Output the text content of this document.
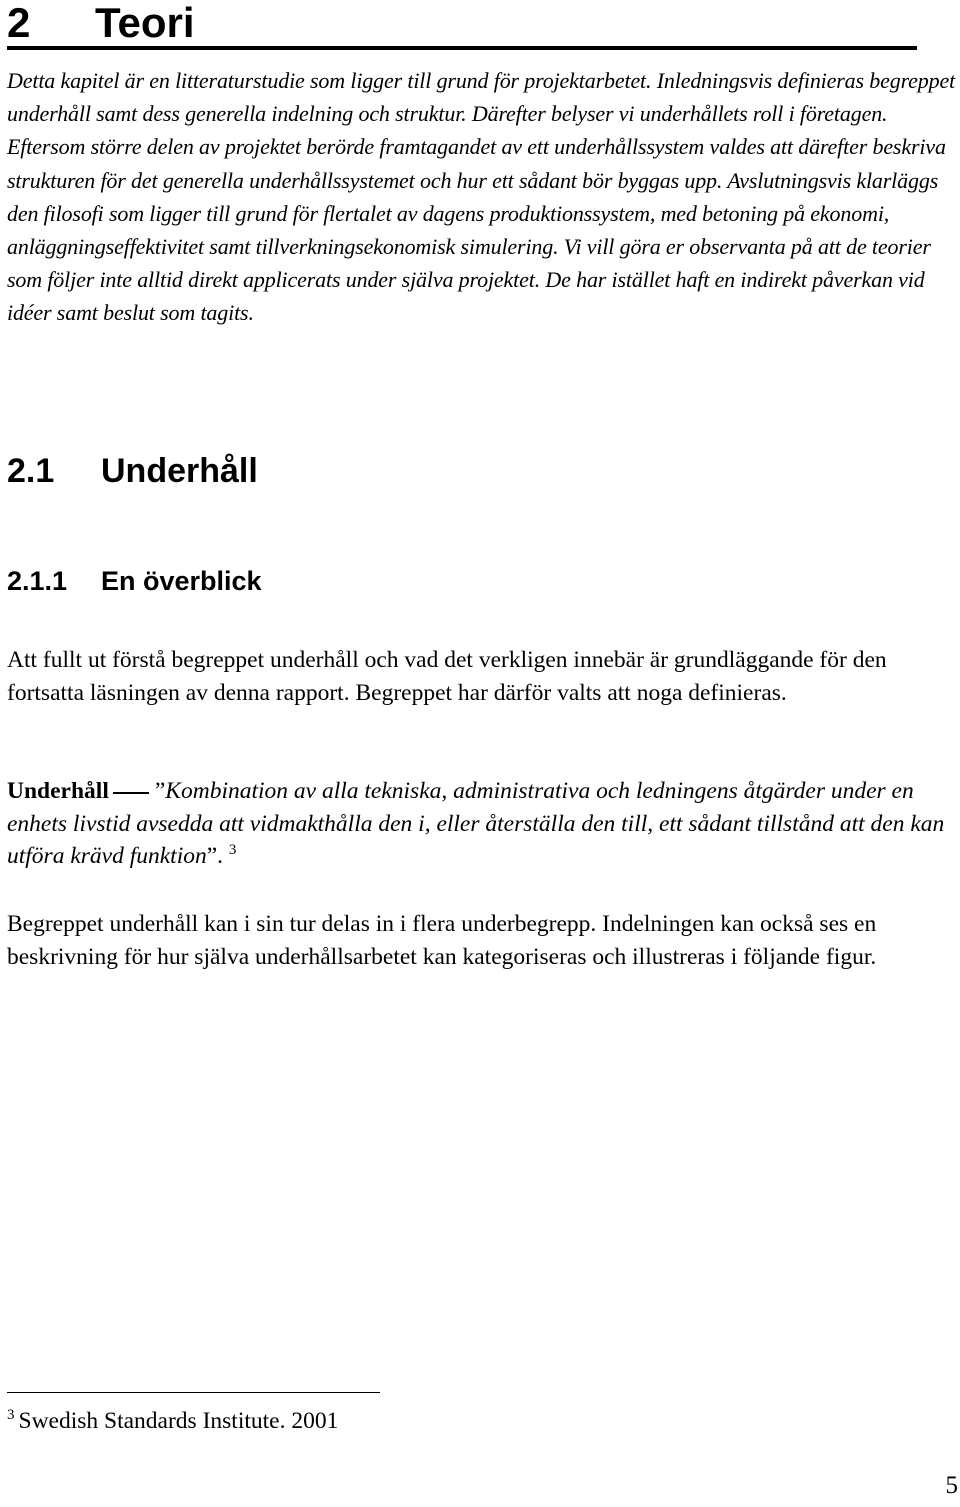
2 Teori

Detta kapitel är en litteraturstudie som ligger till grund för projektarbetet. Inledningsvis definieras begreppet underhåll samt dess generella indelning och struktur. Därefter belyser vi underhållets roll i företagen. Eftersom större delen av projektet berörde framtagandet av ett underhållssystem valdes att därefter beskriva strukturen för det generella underhållssystemet och hur ett sådant bör byggas upp. Avslutningsvis klarläggs den filosofi som ligger till grund för flertalet av dagens produktionssystem, med betoning på ekonomi, anläggningseffektivitet samt tillverkningsekonomisk simulering. Vi vill göra er observanta på att de teorier som följer inte alltid direkt applicerats under själva projektet. De har istället haft en indirekt påverkan vid idéer samt beslut som tagits.

2.1 Underhåll
2.1.1 En överblick

Att fullt ut förstå begreppet underhåll och vad det verkligen innebär är grundläggande för den fortsatta läsningen av denna rapport. Begreppet har därför valts att noga definieras.

Underhåll ”Kombination av alla tekniska, administrativa och ledningens åtgärder under en enhets livstid avsedda att vidmakthålla den i, eller återställa den till, ett sådant tillstånd att den kan utföra krävd funktion”. $^3$

Begreppet underhåll kan i sin tur delas in i flera underbegrepp. Indelningen kan också ses en beskrivning för hur själva underhållsarbetet kan kategoriseras och illustreras i följande figur.

$^3$ Swedish Standards Institute. 2001

5
